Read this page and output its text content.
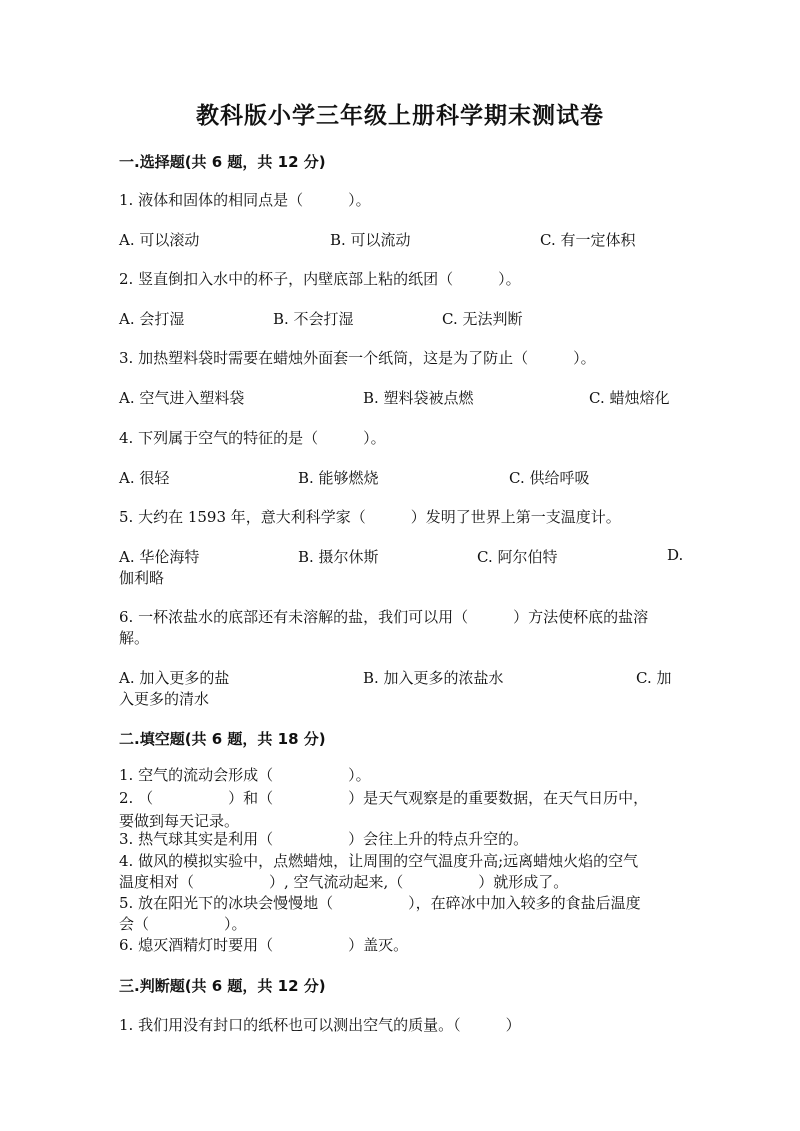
教科版小学三年级上册科学期末测试卷
一.选择题(共 6 题，共 12 分)
1. 液体和固体的相同点是（　　　）。
A. 可以滚动	B. 可以流动	C. 有一定体积
2. 竖直倒扣入水中的杯子，内壁底部上粘的纸团（　　　）。
A. 会打湿	B. 不会打湿	C. 无法判断
3. 加热塑料袋时需要在蜡烛外面套一个纸筒，这是为了防止（　　　）。
A. 空气进入塑料袋	B. 塑料袋被点燃	C. 蜡烛熔化
4. 下列属于空气的特征的是（　　　）。
A. 很轻	B. 能够燃烧	C. 供给呼吸
5. 大约在 1593 年，意大利科学家（　　　）发明了世界上第一支温度计。
A. 华伦海特	B. 摄尔休斯	C. 阿尔伯特	D.
伽利略
6. 一杯浓盐水的底部还有未溶解的盐，我们可以用（　　　）方法使杯底的盐溶
解。
A. 加入更多的盐	B. 加入更多的浓盐水	C. 加
入更多的清水
二.填空题(共 6 题，共 18 分)
1. 空气的流动会形成（　　　　　）。
2. （　　　　　）和（　　　　　）是天气观察是的重要数据，在天气日历中，
要做到每天记录。
3. 热气球其实是利用（　　　　　）会往上升的特点升空的。
4. 做风的模拟实验中，点燃蜡烛，让周围的空气温度升高;远离蜡烛火焰的空气
温度相对（　　　　　）, 空气流动起来,（　　　　　）就形成了。
5. 放在阳光下的冰块会慢慢地（　　　　　），在碎冰中加入较多的食盐后温度
会（　　　　　）。
6. 熄灭酒精灯时要用（　　　　　）盖灭。
三.判断题(共 6 题，共 12 分)
1. 我们用没有封口的纸杯也可以测出空气的质量。（　　　）
